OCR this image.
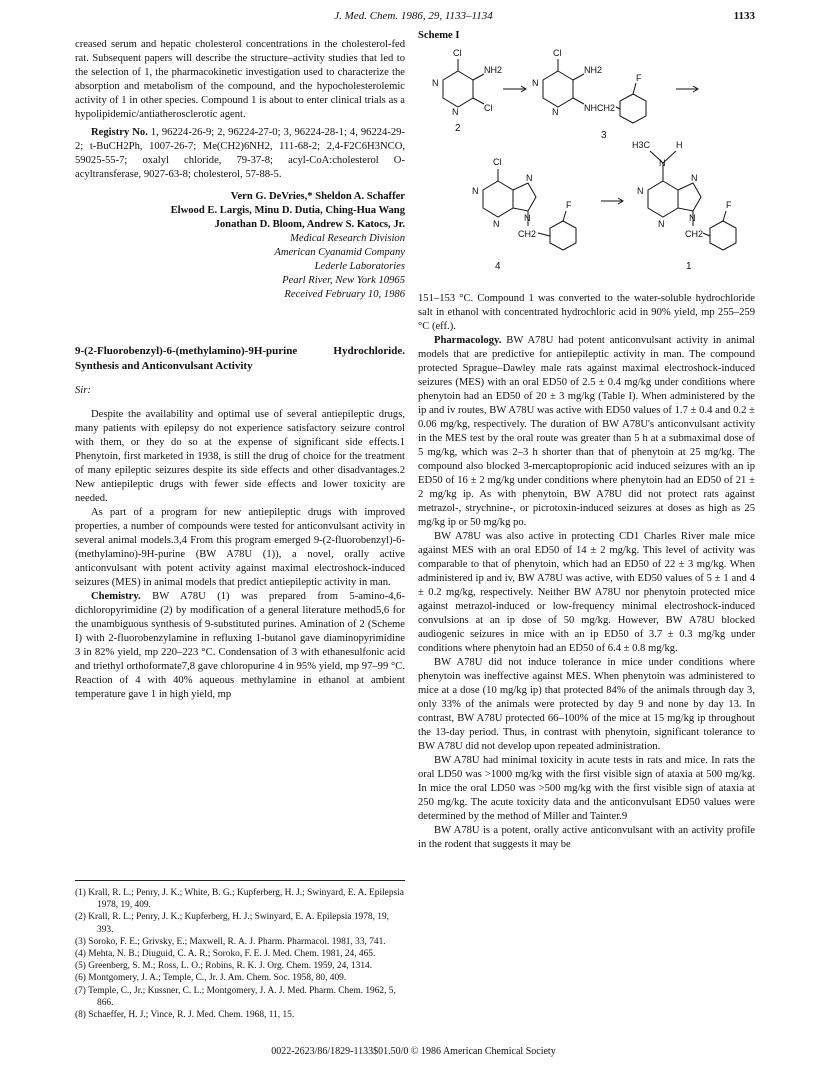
J. Med. Chem. 1986, 29, 1133–1134	1133

creased serum and hepatic cholesterol concentrations in the cholesterol-fed rat. Subsequent papers will describe the structure–activity studies that led to the selection of 1, the pharmacokinetic investigation used to characterize the absorption and metabolism of the compound, and the hypocholesterolemic activity of 1 in other species. Compound 1 is about to enter clinical trials as a hypolipidemic/antiatherosclerotic agent.

Registry No. 1, 96224-26-9; 2, 96224-27-0; 3, 96224-28-1; 4, 96224-29-2; t-BuCH2Ph, 1007-26-7; Me(CH2)6NH2, 111-68-2; 2,4-F2C6H3NCO, 59025-55-7; oxalyl chloride, 79-37-8; acyl-CoA:cholesterol O-acyltransferase, 9027-63-8; cholesterol, 57-88-5.

Vern G. DeVries,* Sheldon A. Schaffer
Elwood E. Largis, Minu D. Dutia, Ching-Hua Wang
Jonathan D. Bloom, Andrew S. Katocs, Jr.
Medical Research Division
American Cyanamid Company
Lederle Laboratories
Pearl River, New York 10965
Received February 10, 1986

9-(2-Fluorobenzyl)-6-(methylamino)-9H-purine Hydrochloride. Synthesis and Anticonvulsant Activity

Sir:

Despite the availability and optimal use of several antiepileptic drugs, many patients with epilepsy do not experience satisfactory seizure control with them, or they do so at the expense of significant side effects.1 Phenytoin, first marketed in 1938, is still the drug of choice for the treatment of many epileptic seizures despite its side effects and other disadvantages.2 New antiepileptic drugs with fewer side effects and lower toxicity are needed.

As part of a program for new antiepileptic drugs with improved properties, a number of compounds were tested for anticonvulsant activity in several animal models.3,4 From this program emerged 9-(2-fluorobenzyl)-6-(methylamino)-9H-purine (BW A78U (1)), a novel, orally active anticonvulsant with potent activity against maximal electroshock-induced seizures (MES) in animal models that predict antiepileptic activity in man.

Chemistry. BW A78U (1) was prepared from 5-amino-4,6-dichloropyrimidine (2) by modification of a general literature method5,6 for the unambiguous synthesis of 9-substituted purines. Amination of 2 (Scheme I) with 2-fluorobenzylamine in refluxing 1-butanol gave diaminopyrimidine 3 in 82% yield, mp 220–223 °C. Condensation of 3 with ethanesulfonic acid and triethyl orthoformate7,8 gave chloropurine 4 in 95% yield, mp 97–99 °C. Reaction of 4 with 40% aqueous methylamine in ethanol at ambient temperature gave 1 in high yield, mp

(1) Krall, R. L.; Penry, J. K.; White, B. G.; Kupferberg, H. J.; Swinyard, E. A. Epilepsia 1978, 19, 409.
(2) Krall, R. L.; Penry, J. K.; Kupferberg, H. J.; Swinyard, E. A. Epilepsia 1978, 19, 393.
(3) Soroko, F. E.; Grivsky, E.; Maxwell, R. A. J. Pharm. Pharmacol. 1981, 33, 741.
(4) Mehta, N. B.; Diuguid, C. A. R.; Soroko, F. E. J. Med. Chem. 1981, 24, 465.
(5) Greenberg, S. M.; Ross, L. O.; Robins, R. K. J. Org. Chem. 1959, 24, 1314.
(6) Montgomery, J. A.; Temple, C., Jr. J. Am. Chem. Soc. 1958, 80, 409.
(7) Temple, C., Jr.; Kussner, C. L.; Montgomery, J. A. J. Med. Pharm. Chem. 1962, 5, 866.
(8) Schaeffer, H. J.; Vince, R. J. Med. Chem. 1968, 11, 15.
Scheme I
Cl
NH2
N
N	Cl
2
Cl
NH2
N
N	NHCH2
F
3
Cl
N
N
N
N
F
CH2
4
H3C	H
N
N
N
N
N
F
CH2
1

151–153 °C. Compound 1 was converted to the water-soluble hydrochloride salt in ethanol with concentrated hydrochloric acid in 90% yield, mp 255–259 °C (eff.).

Pharmacology. BW A78U had potent anticonvulsant activity in animal models that are predictive for antiepileptic activity in man. The compound protected Sprague–Dawley male rats against maximal electroshock-induced seizures (MES) with an oral ED50 of 2.5 ± 0.4 mg/kg under conditions where phenytoin had an ED50 of 20 ± 3 mg/kg (Table I). When administered by the ip and iv routes, BW A78U was active with ED50 values of 1.7 ± 0.4 and 0.2 ± 0.06 mg/kg, respectively. The duration of BW A78U's anticonvulsant activity in the MES test by the oral route was greater than 5 h at a submaximal dose of 5 mg/kg, which was 2–3 h shorter than that of phenytoin at 25 mg/kg. The compound also blocked 3-mercaptopropionic acid induced seizures with an ip ED50 of 16 ± 2 mg/kg under conditions where phenytoin had an ED50 of 21 ± 2 mg/kg ip. As with phenytoin, BW A78U did not protect rats against metrazol-, strychnine-, or picrotoxin-induced seizures at doses as high as 25 mg/kg ip or 50 mg/kg po.

BW A78U was also active in protecting CD1 Charles River male mice against MES with an oral ED50 of 14 ± 2 mg/kg. This level of activity was comparable to that of phenytoin, which had an ED50 of 22 ± 3 mg/kg. When administered ip and iv, BW A78U was active, with ED50 values of 5 ± 1 and 4 ± 0.2 mg/kg, respectively. Neither BW A78U nor phenytoin protected mice against metrazol-induced or low-frequency minimal electroshock-induced convulsions at an ip dose of 50 mg/kg. However, BW A78U blocked audiogenic seizures in mice with an ip ED50 of 3.7 ± 0.3 mg/kg under conditions where phenytoin had an ED50 of 6.4 ± 0.8 mg/kg.

BW A78U did not induce tolerance in mice under conditions where phenytoin was ineffective against MES. When phenytoin was administered to mice at a dose (10 mg/kg ip) that protected 84% of the animals through day 3, only 33% of the animals were protected by day 9 and none by day 13. In contrast, BW A78U protected 66–100% of the mice at 15 mg/kg ip throughout the 13-day period. Thus, in contrast with phenytoin, significant tolerance to BW A78U did not develop upon repeated administration.

BW A78U had minimal toxicity in acute tests in rats and mice. In rats the oral LD50 was >1000 mg/kg with the first visible sign of ataxia at 500 mg/kg. In mice the oral LD50 was >500 mg/kg with the first visible sign of ataxia at 250 mg/kg. The acute toxicity data and the anticonvulsant ED50 values were determined by the method of Miller and Tainter.9

BW A78U is a potent, orally active anticonvulsant with an activity profile in the rodent that suggests it may be

0022-2623/86/1829-1133$01.50/0 © 1986 American Chemical Society
